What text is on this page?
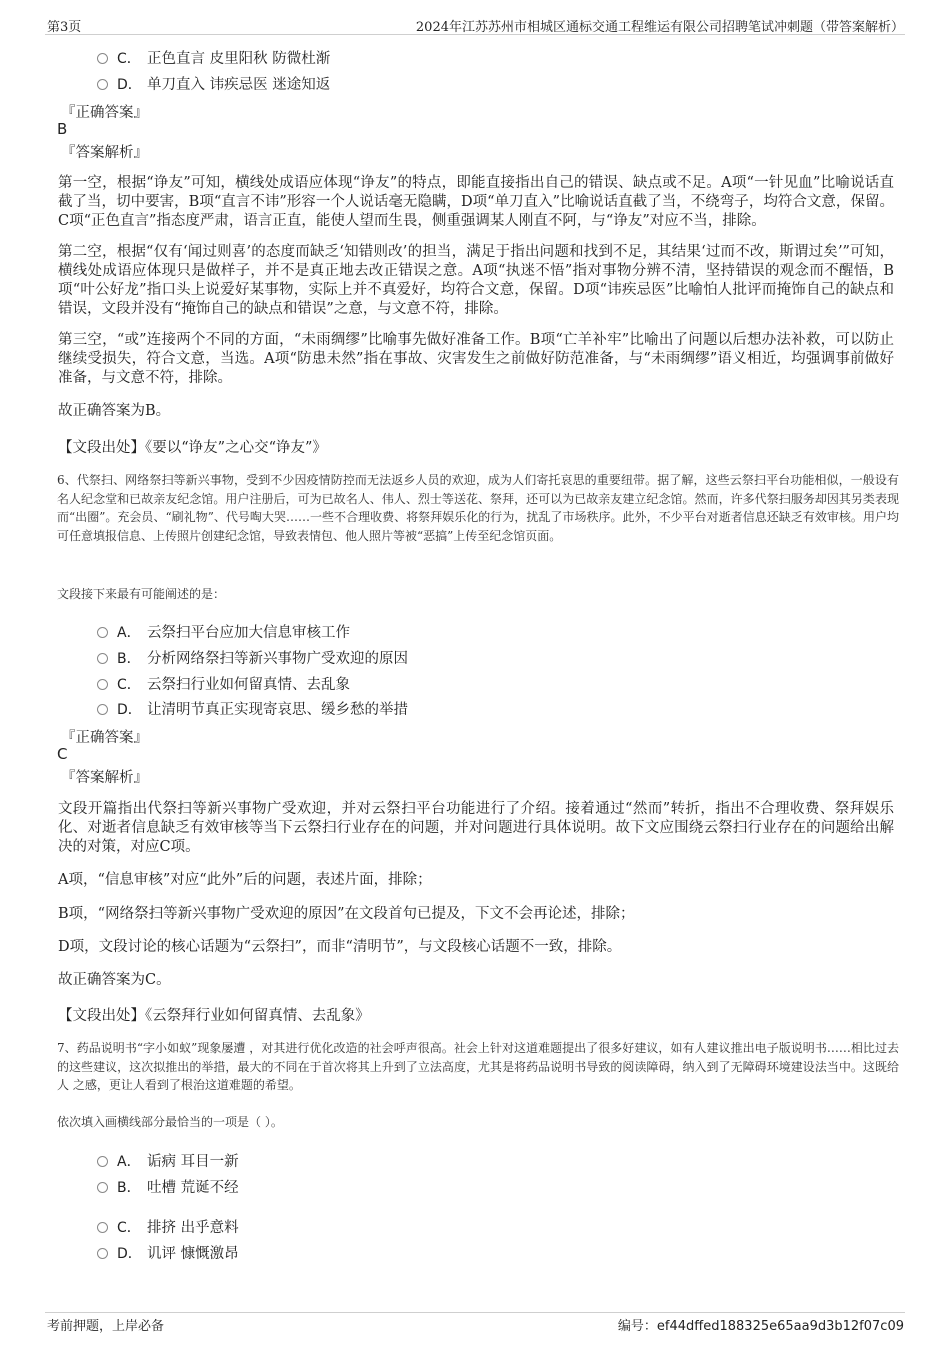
第3页	2024年江苏苏州市相城区通标交通工程维运有限公司招聘笔试冲刺题（带答案解析）
C． 正色直言 皮里阳秋 防微杜渐
D． 单刀直入 讳疾忌医 迷途知返
『正确答案』
B
『答案解析』
第一空，根据“诤友”可知，横线处成语应体现“诤友”的特点，即能直接指出自己的错误、缺点或不足。A项“一针见血”比喻说话直截了当，切中要害，B项“直言不讳”形容一个人说话毫无隐瞒，D项“单刀直入”比喻说话直截了当，不绕弯子，均符合文意，保留。C项“正色直言”指态度严肃，语言正直，能使人望而生畏，侧重强调某人刚直不阿，与“诤友”对应不当，排除。
第二空，根据“仅有‘闻过则喜’的态度而缺乏‘知错则改’的担当，满足于指出问题和找到不足，其结果‘过而不改，斯谓过矣’”可知，横线处成语应体现只是做样子，并不是真正地去改正错误之意。A项“执迷不悟”指对事物分辨不清，坚持错误的观念而不醒悟，B项“叶公好龙”指口头上说爱好某事物，实际上并不真爱好，均符合文意，保留。D项“讳疾忌医”比喻怕人批评而掩饰自己的缺点和错误，文段并没有“掩饰自己的缺点和错误”之意，与文意不符，排除。
第三空，“或”连接两个不同的方面，“未雨绸缪”比喻事先做好准备工作。B项“亡羊补牢”比喻出了问题以后想办法补救，可以防止继续受损失，符合文意，当选。A项“防患未然”指在事故、灾害发生之前做好防范准备，与“未雨绸缪”语义相近，均强调事前做好准备，与文意不符，排除。
故正确答案为B。
【文段出处】《要以“诤友”之心交“诤友”》
6、代祭扫、网络祭扫等新兴事物，受到不少因疫情防控而无法返乡人员的欢迎，成为人们寄托哀思的重要纽带。据了解，这些云祭扫平台功能相似，一般设有名人纪念堂和已故亲友纪念馆。用户注册后，可为已故名人、伟人、烈士等送花、祭拜，还可以为已故亲友建立纪念馆。然而，许多代祭扫服务却因其另类表现而“出圈”。充会员、“刷礼物”、代号啕大哭……一些不合理收费、将祭拜娱乐化的行为，扰乱了市场秩序。此外，不少平台对逝者信息还缺乏有效审核。用户均可任意填报信息、上传照片创建纪念馆，导致表情包、他人照片等被“恶搞”上传至纪念馆页面。
文段接下来最有可能阐述的是：
A． 云祭扫平台应加大信息审核工作
B． 分析网络祭扫等新兴事物广受欢迎的原因
C． 云祭扫行业如何留真情、去乱象
D． 让清明节真正实现寄哀思、缓乡愁的举措
『正确答案』
C
『答案解析』
文段开篇指出代祭扫等新兴事物广受欢迎，并对云祭扫平台功能进行了介绍。接着通过“然而”转折，指出不合理收费、祭拜娱乐化、对逝者信息缺乏有效审核等当下云祭扫行业存在的问题，并对问题进行具体说明。故下文应围绕云祭扫行业存在的问题给出解决的对策，对应C项。
A项，“信息审核”对应“此外”后的问题，表述片面，排除；
B项，“网络祭扫等新兴事物广受欢迎的原因”在文段首句已提及，下文不会再论述，排除；
D项，文段讨论的核心话题为“云祭扫”，而非“清明节”，与文段核心话题不一致，排除。
故正确答案为C。
【文段出处】《云祭拜行业如何留真情、去乱象》
7、药品说明书“字小如蚁”现象屡遭 ，对其进行优化改造的社会呼声很高。社会上针对这道难题提出了很多好建议，如有人建议推出电子版说明书……相比过去的这些建议，这次拟推出的举措，最大的不同在于首次将其上升到了立法高度，尤其是将药品说明书导致的阅读障碍，纳入到了无障碍环境建设法当中。这既给人 之感，更让人看到了根治这道难题的希望。
依次填入画横线部分最恰当的一项是（ ）。
A． 诟病 耳目一新
B． 吐槽 荒诞不经
C． 排挤 出乎意料
D． 讥评 慷慨激昂
考前押题，上岸必备	编号：ef44dffed188325e65aa9d3b12f07c09
